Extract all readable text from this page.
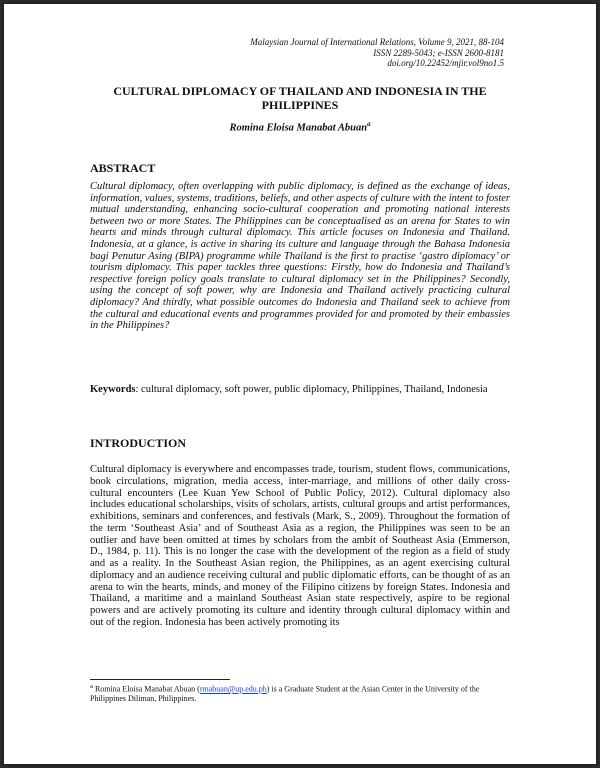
Malaysian Journal of International Relations, Volume 9, 2021, 88-104
ISSN 2289-5043; e-ISSN 2600-8181
doi.org/10.22452/mjir.vol9no1.5
CULTURAL DIPLOMACY OF THAILAND AND INDONESIA IN THE PHILIPPINES
Romina Eloisa Manabat Abuan$^a$
ABSTRACT
Cultural diplomacy, often overlapping with public diplomacy, is defined as the exchange of ideas, information, values, systems, traditions, beliefs, and other aspects of culture with the intent to foster mutual understanding, enhancing socio-cultural cooperation and promoting national interests between two or more States. The Philippines can be conceptualised as an arena for States to win hearts and minds through cultural diplomacy. This article focuses on Indonesia and Thailand. Indonesia, at a glance, is active in sharing its culture and language through the Bahasa Indonesia bagi Penutur Asing (BIPA) programme while Thailand is the first to practise ‘gastro diplomacy’ or tourism diplomacy. This paper tackles three questions: Firstly, how do Indonesia and Thailand’s respective foreign policy goals translate to cultural diplomacy set in the Philippines? Secondly, using the concept of soft power, why are Indonesia and Thailand actively practicing cultural diplomacy? And thirdly, what possible outcomes do Indonesia and Thailand seek to achieve from the cultural and educational events and programmes provided for and promoted by their embassies in the Philippines?
Keywords: cultural diplomacy, soft power, public diplomacy, Philippines, Thailand, Indonesia
INTRODUCTION
Cultural diplomacy is everywhere and encompasses trade, tourism, student flows, communications, book circulations, migration, media access, inter-marriage, and millions of other daily cross-cultural encounters (Lee Kuan Yew School of Public Policy, 2012). Cultural diplomacy also includes educational scholarships, visits of scholars, artists, cultural groups and artist performances, exhibitions, seminars and conferences, and festivals (Mark, S., 2009). Throughout the formation of the term ‘Southeast Asia’ and of Southeast Asia as a region, the Philippines was seen to be an outlier and have been omitted at times by scholars from the ambit of Southeast Asia (Emmerson, D., 1984, p. 11). This is no longer the case with the development of the region as a field of study and as a reality. In the Southeast Asian region, the Philippines, as an agent exercising cultural diplomacy and an audience receiving cultural and public diplomatic efforts, can be thought of as an arena to win the hearts, minds, and money of the Filipino citizens by foreign States. Indonesia and Thailand, a maritime and a mainland Southeast Asian state respectively, aspire to be regional powers and are actively promoting its culture and identity through cultural diplomacy within and out of the region. Indonesia has been actively promoting its
$^a$ Romina Eloisa Manabat Abuan (rmabuan@up.edu.ph) is a Graduate Student at the Asian Center in the University of the Philippines Diliman, Philippines.
